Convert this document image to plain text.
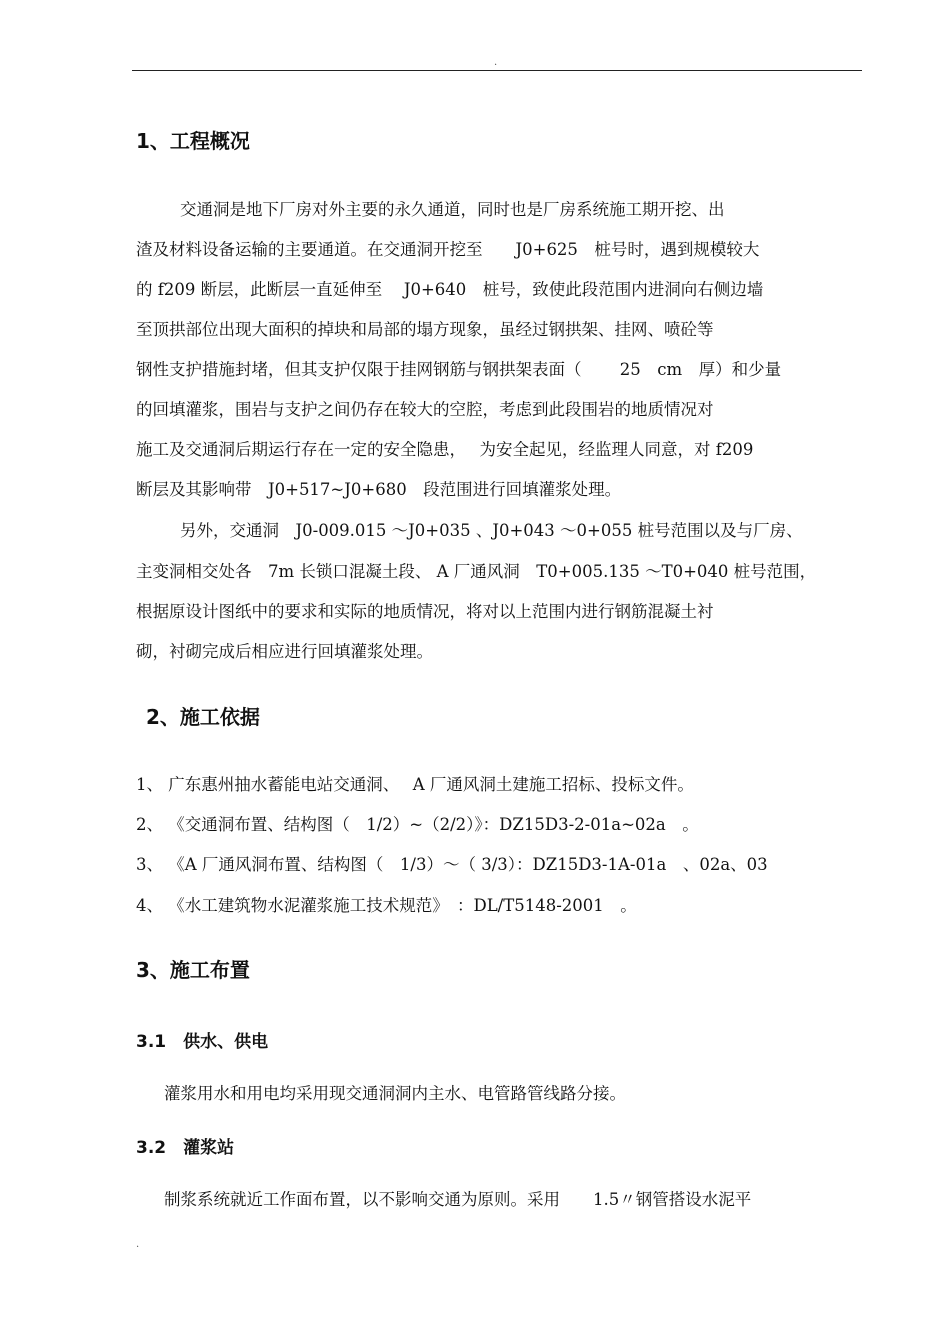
.
1、工程概况
交通洞是地下厂房对外主要的永久通道，同时也是厂房系统施工期开挖、出
渣及材料设备运输的主要通道。在交通洞开挖至　　J0+625　桩号时，遇到规模较大
的 f209 断层，此断层一直延伸至　 J0+640　桩号，致使此段范围内进洞向右侧边墙
至顶拱部位出现大面积的掉块和局部的塌方现象，虽经过钢拱架、挂网、喷砼等
钢性支护措施封堵，但其支护仅限于挂网钢筋与钢拱架表面（　　 25　cm　厚）和少量
的回填灌浆，围岩与支护之间仍存在较大的空腔，考虑到此段围岩的地质情况对
施工及交通洞后期运行存在一定的安全隐患，　 为安全起见，经监理人同意，对 f209
断层及其影响带　J0+517~J0+680　段范围进行回填灌浆处理。
另外，交通洞　J0-009.015 ～J0+035 、J0+043 ～0+055 桩号范围以及与厂房、
主变洞相交处各　7m 长锁口混凝土段、 A 厂通风洞　T0+005.135 ～T0+040 桩号范围，
根据原设计图纸中的要求和实际的地质情况，将对以上范围内进行钢筋混凝土衬
砌，衬砌完成后相应进行回填灌浆处理。
2、施工依据
1、 广东惠州抽水蓄能电站交通洞、　 A 厂通风洞土建施工招标、投标文件。
2、 《交通洞布置、结构图（　1/2）~（2/2）》：DZ15D3-2-01a~02a　。
3、 《A 厂通风洞布置、结构图（　1/3）～（ 3/3）：DZ15D3-1A-01a　、02a、03
4、 《水工建筑物水泥灌浆施工技术规范》　：DL/T5148-2001　。
3、施工布置
3.1　供水、供电
灌浆用水和用电均采用现交通洞洞内主水、电管路管线路分接。
3.2　灌浆站
制浆系统就近工作面布置，以不影响交通为原则。采用　　1.5〃钢管搭设水泥平
.
